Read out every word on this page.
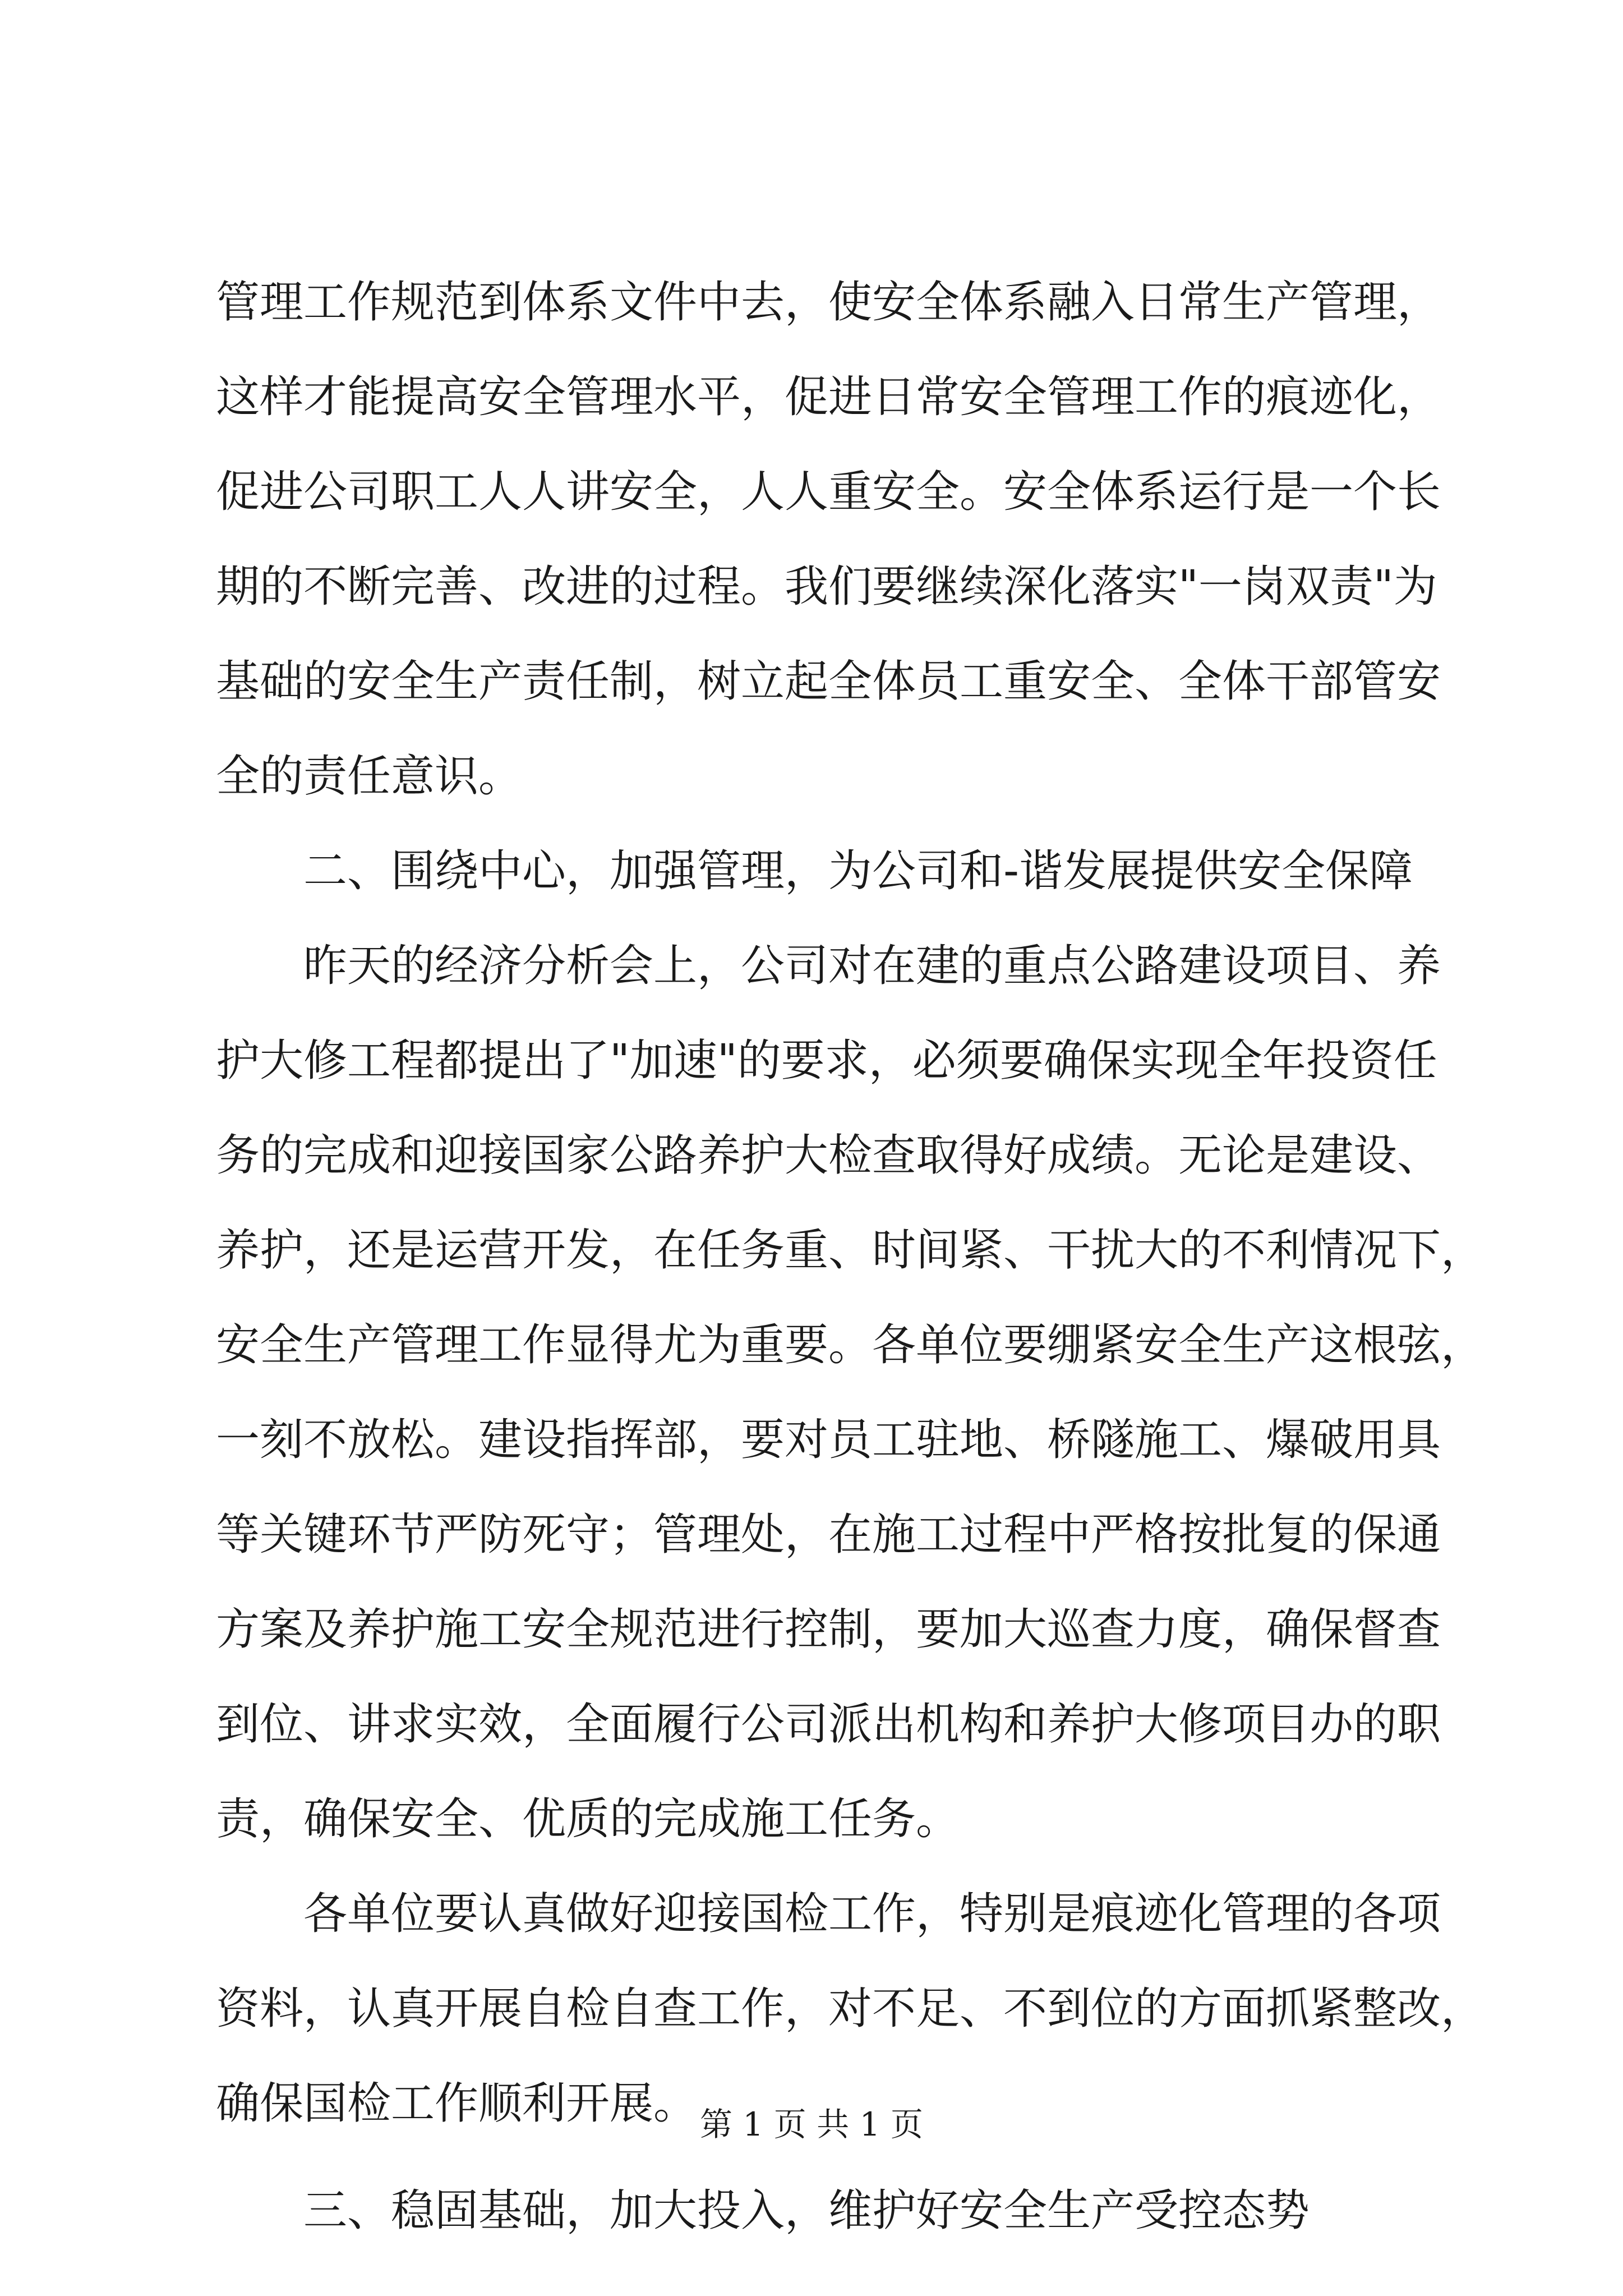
管理工作规范到体系文件中去，使安全体系融入日常生产管理，
这样才能提高安全管理水平，促进日常安全管理工作的痕迹化，
促进公司职工人人讲安全，人人重安全。安全体系运行是一个长
期的不断完善、改进的过程。我们要继续深化落实"一岗双责"为
基础的安全生产责任制，树立起全体员工重安全、全体干部管安
全的责任意识。
二、围绕中心，加强管理，为公司和-谐发展提供安全保障
昨天的经济分析会上，公司对在建的重点公路建设项目、养
护大修工程都提出了"加速"的要求，必须要确保实现全年投资任
务的完成和迎接国家公路养护大检查取得好成绩。无论是建设、
养护，还是运营开发，在任务重、时间紧、干扰大的不利情况下，
安全生产管理工作显得尤为重要。各单位要绷紧安全生产这根弦，
一刻不放松。建设指挥部，要对员工驻地、桥隧施工、爆破用具
等关键环节严防死守；管理处，在施工过程中严格按批复的保通
方案及养护施工安全规范进行控制，要加大巡查力度，确保督查
到位、讲求实效，全面履行公司派出机构和养护大修项目办的职
责，确保安全、优质的完成施工任务。
各单位要认真做好迎接国检工作，特别是痕迹化管理的各项
资料，认真开展自检自查工作，对不足、不到位的方面抓紧整改，
确保国检工作顺利开展。
三、稳固基础，加大投入，维护好安全生产受控态势
第 1 页 共 1 页
